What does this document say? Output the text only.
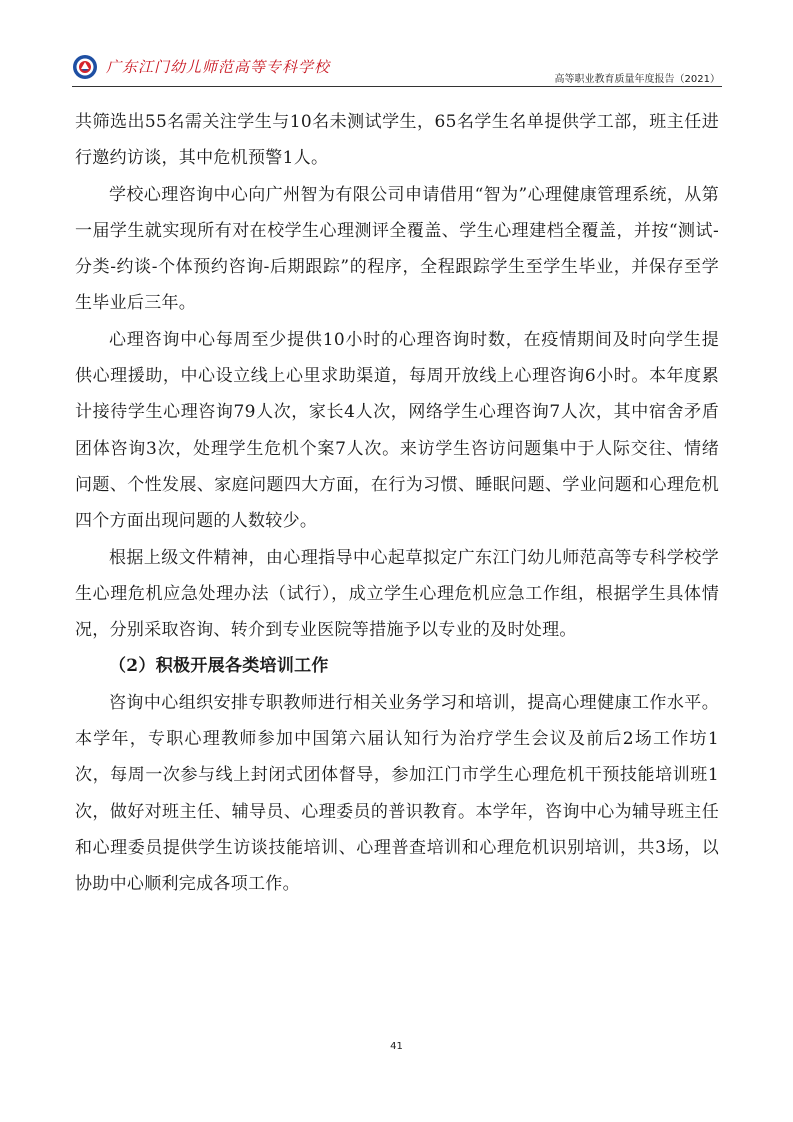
广东江门幼儿师范高等专科学校
高等职业教育质量年度报告（2021）

共筛选出55名需关注学生与10名未测试学生，65名学生名单提供学工部，班主任进行邀约访谈，其中危机预警1人。

学校心理咨询中心向广州智为有限公司申请借用“智为”心理健康管理系统，从第一届学生就实现所有对在校学生心理测评全覆盖、学生心理建档全覆盖，并按“测试-分类-约谈-个体预约咨询-后期跟踪”的程序，全程跟踪学生至学生毕业，并保存至学生毕业后三年。

心理咨询中心每周至少提供10小时的心理咨询时数，在疫情期间及时向学生提供心理援助，中心设立线上心里求助渠道，每周开放线上心理咨询6小时。本年度累计接待学生心理咨询79人次，家长4人次，网络学生心理咨询7人次，其中宿舍矛盾团体咨询3次，处理学生危机个案7人次。来访学生咨访问题集中于人际交往、情绪问题、个性发展、家庭问题四大方面，在行为习惯、睡眠问题、学业问题和心理危机四个方面出现问题的人数较少。

根据上级文件精神，由心理指导中心起草拟定广东江门幼儿师范高等专科学校学生心理危机应急处理办法（试行），成立学生心理危机应急工作组，根据学生具体情况，分别采取咨询、转介到专业医院等措施予以专业的及时处理。

（2）积极开展各类培训工作

咨询中心组织安排专职教师进行相关业务学习和培训，提高心理健康工作水平。本学年，专职心理教师参加中国第六届认知行为治疗学生会议及前后2场工作坊1次，每周一次参与线上封闭式团体督导，参加江门市学生心理危机干预技能培训班1次，做好对班主任、辅导员、心理委员的普识教育。本学年，咨询中心为辅导班主任和心理委员提供学生访谈技能培训、心理普查培训和心理危机识别培训，共3场，以协助中心顺利完成各项工作。

41
